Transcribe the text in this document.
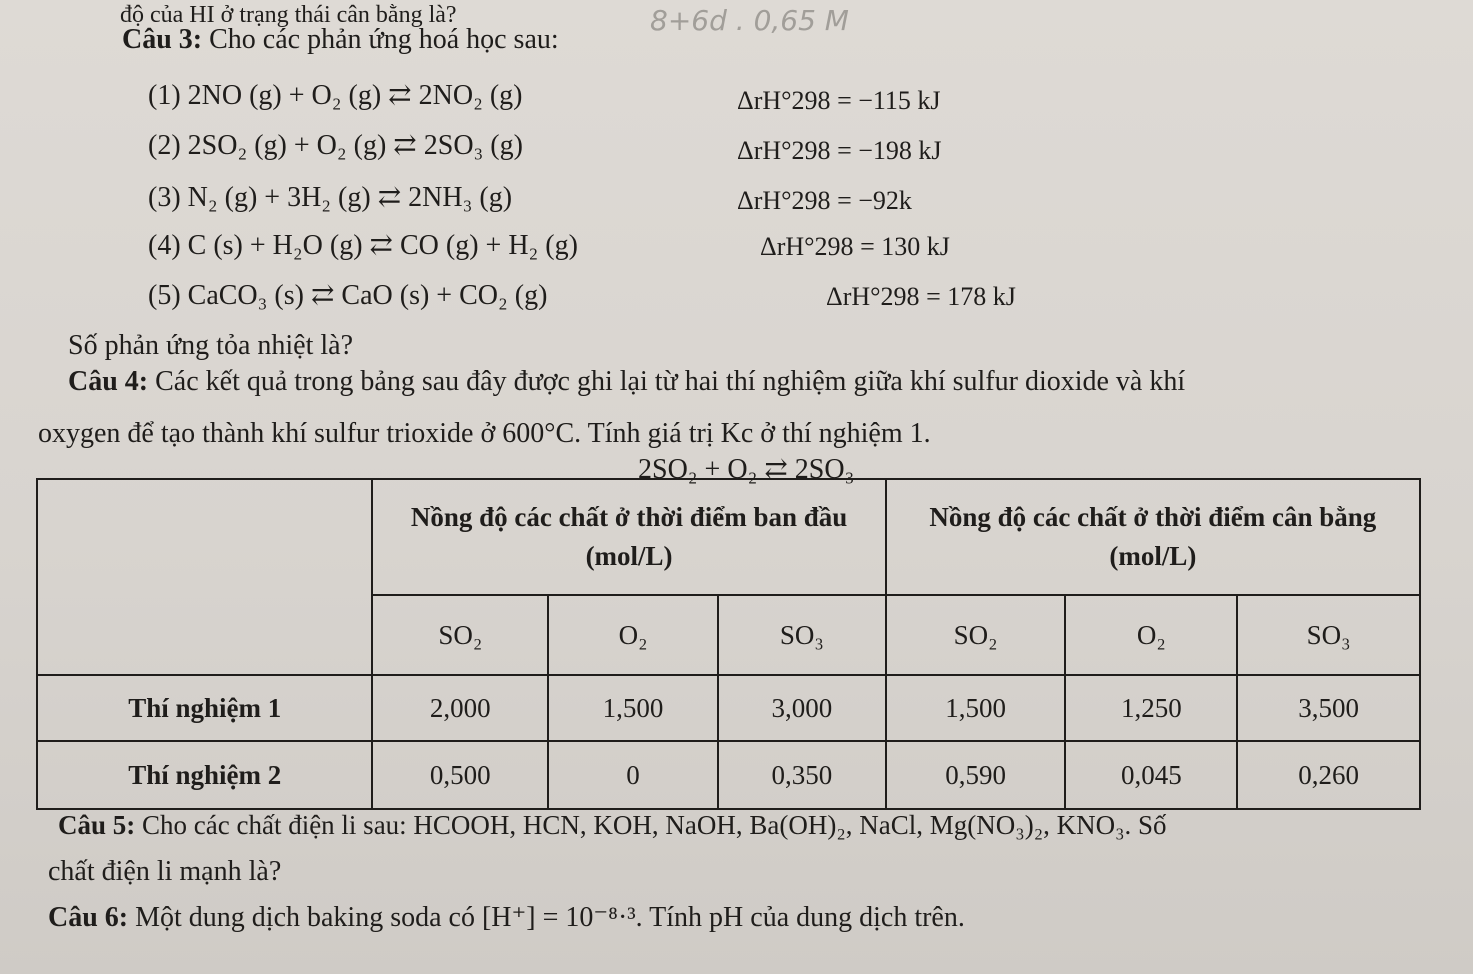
độ của HI ở trạng thái cân bằng là?	8+6d . 0,65 M
Câu 3: Cho các phản ứng hoá học sau:
(1) 2NO (g) + O₂ (g) ⇄ 2NO₂ (g)	ΔrH°298 = −115 kJ
(2) 2SO₂ (g) + O₂ (g) ⇄ 2SO₃ (g)	ΔrH°298 = −198 kJ
(3) N₂ (g) + 3H₂ (g) ⇄ 2NH₃ (g)	ΔrH°298 = −92k
(4) C (s) + H₂O (g) ⇄ CO (g) + H₂ (g)	ΔrH°298 = 130 kJ
(5) CaCO₃ (s) ⇄ CaO (s) + CO₂ (g)	ΔrH°298 = 178 kJ
Số phản ứng tỏa nhiệt là?
Câu 4: Các kết quả trong bảng sau đây được ghi lại từ hai thí nghiệm giữa khí sulfur dioxide và khí
oxygen để tạo thành khí sulfur trioxide ở 600°C. Tính giá trị Kc ở thí nghiệm 1.
2SO₂ + O₂ ⇄ 2SO₃
	Nồng độ các chất ở thời điểm ban đầu (mol/L)			Nồng độ các chất ở thời điểm cân bằng (mol/L)		
	SO₂	O₂	SO₃	SO₂	O₂	SO₃
Thí nghiệm 1	2,000	1,500	3,000	1,500	1,250	3,500
Thí nghiệm 2	0,500	0	0,350	0,590	0,045	0,260
Câu 5: Cho các chất điện li sau: HCOOH, HCN, KOH, NaOH, Ba(OH)₂, NaCl, Mg(NO₃)₂, KNO₃. Số
chất điện li mạnh là?
Câu 6: Một dung dịch baking soda có [H⁺] = 10⁻⁸·³. Tính pH của dung dịch trên.
